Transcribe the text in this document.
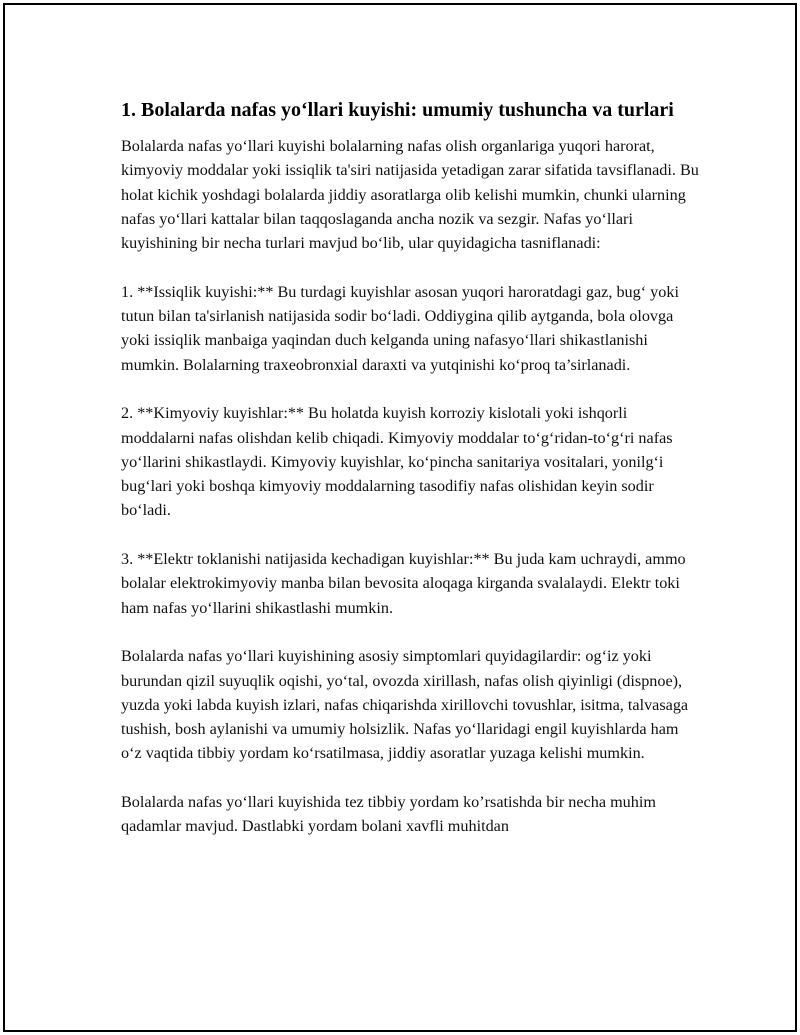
1. Bolalarda nafas yo‘llari kuyishi: umumiy tushuncha va turlari

Bolalarda nafas yo‘llari kuyishi bolalarning nafas olish organlariga yuqori harorat, kimyoviy moddalar yoki issiqlik ta'siri natijasida yetadigan zarar sifatida tavsiflanadi. Bu holat kichik yoshdagi bolalarda jiddiy asoratlarga olib kelishi mumkin, chunki ularning nafas yo‘llari kattalar bilan taqqoslaganda ancha nozik va sezgir. Nafas yo‘llari kuyishining bir necha turlari mavjud bo‘lib, ular quyidagicha tasniflanadi:

1. **Issiqlik kuyishi:** Bu turdagi kuyishlar asosan yuqori haroratdagi gaz, bug‘ yoki tutun bilan ta'sirlanish natijasida sodir bo‘ladi. Oddiygina qilib aytganda, bola olovga yoki issiqlik manbaiga yaqindan duch kelganda uning nafasyo‘llari shikastlanishi mumkin. Bolalarning traxeobronxial daraxti va yutqinishi ko‘proq ta’sirlanadi.

2. **Kimyoviy kuyishlar:** Bu holatda kuyish korroziy kislotali yoki ishqorli moddalarni nafas olishdan kelib chiqadi. Kimyoviy moddalar to‘g‘ridan-to‘g‘ri nafas yo‘llarini shikastlaydi. Kimyoviy kuyishlar, ko‘pincha sanitariya vositalari, yonilg‘i bug‘lari yoki boshqa kimyoviy moddalarning tasodifiy nafas olishidan keyin sodir bo‘ladi.

3. **Elektr toklanishi natijasida kechadigan kuyishlar:** Bu juda kam uchraydi, ammo bolalar elektrokimyoviy manba bilan bevosita aloqaga kirganda svalalaydi. Elektr toki ham nafas yo‘llarini shikastlashi mumkin.

Bolalarda nafas yo‘llari kuyishining asosiy simptomlari quyidagilardir: og‘iz yoki burundan qizil suyuqlik oqishi, yo‘tal, ovozda xirillash, nafas olish qiyinligi (dispnoe), yuzda yoki labda kuyish izlari, nafas chiqarishda xirillovchi tovushlar, isitma, talvasaga tushish, bosh aylanishi va umumiy holsizlik. Nafas yo‘llaridagi engil kuyishlarda ham o‘z vaqtida tibbiy yordam ko‘rsatilmasa, jiddiy asoratlar yuzaga kelishi mumkin.

Bolalarda nafas yo‘llari kuyishida tez tibbiy yordam ko’rsatishda bir necha muhim qadamlar mavjud. Dastlabki yordam bolani xavfli muhitdan
